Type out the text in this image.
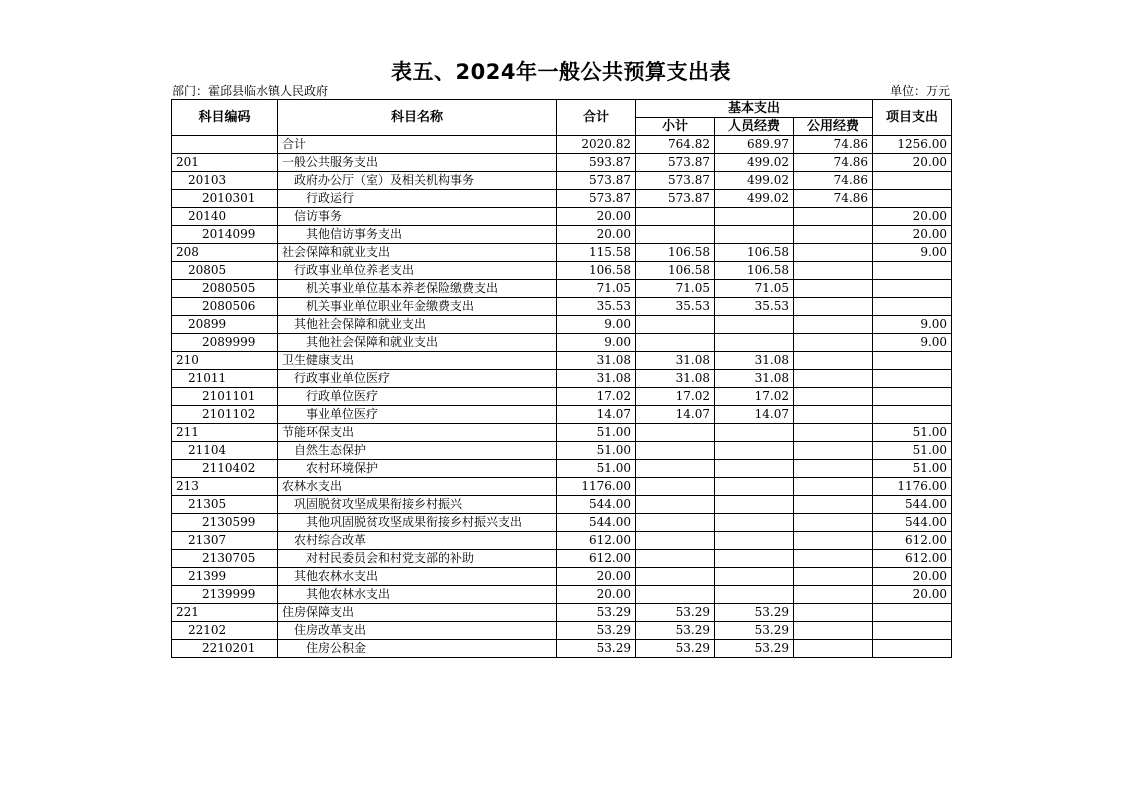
表五、2024年一般公共预算支出表
部门：霍邱县临水镇人民政府	单位：万元
科目编码	科目名称	合计	基本支出			项目支出
			小计	人员经费	公用经费	
	合计	2020.82	764.82	689.97	74.86	1256.00
201	一般公共服务支出	593.87	573.87	499.02	74.86	20.00
20103	政府办公厅（室）及相关机构事务	573.87	573.87	499.02	74.86	
2010301	行政运行	573.87	573.87	499.02	74.86	
20140	信访事务	20.00				20.00
2014099	其他信访事务支出	20.00				20.00
208	社会保障和就业支出	115.58	106.58	106.58		9.00
20805	行政事业单位养老支出	106.58	106.58	106.58		
2080505	机关事业单位基本养老保险缴费支出	71.05	71.05	71.05		
2080506	机关事业单位职业年金缴费支出	35.53	35.53	35.53		
20899	其他社会保障和就业支出	9.00				9.00
2089999	其他社会保障和就业支出	9.00				9.00
210	卫生健康支出	31.08	31.08	31.08		
21011	行政事业单位医疗	31.08	31.08	31.08		
2101101	行政单位医疗	17.02	17.02	17.02		
2101102	事业单位医疗	14.07	14.07	14.07		
211	节能环保支出	51.00				51.00
21104	自然生态保护	51.00				51.00
2110402	农村环境保护	51.00				51.00
213	农林水支出	1176.00				1176.00
21305	巩固脱贫攻坚成果衔接乡村振兴	544.00				544.00
2130599	其他巩固脱贫攻坚成果衔接乡村振兴支出	544.00				544.00
21307	农村综合改革	612.00				612.00
2130705	对村民委员会和村党支部的补助	612.00				612.00
21399	其他农林水支出	20.00				20.00
2139999	其他农林水支出	20.00				20.00
221	住房保障支出	53.29	53.29	53.29		
22102	住房改革支出	53.29	53.29	53.29		
2210201	住房公积金	53.29	53.29	53.29		
